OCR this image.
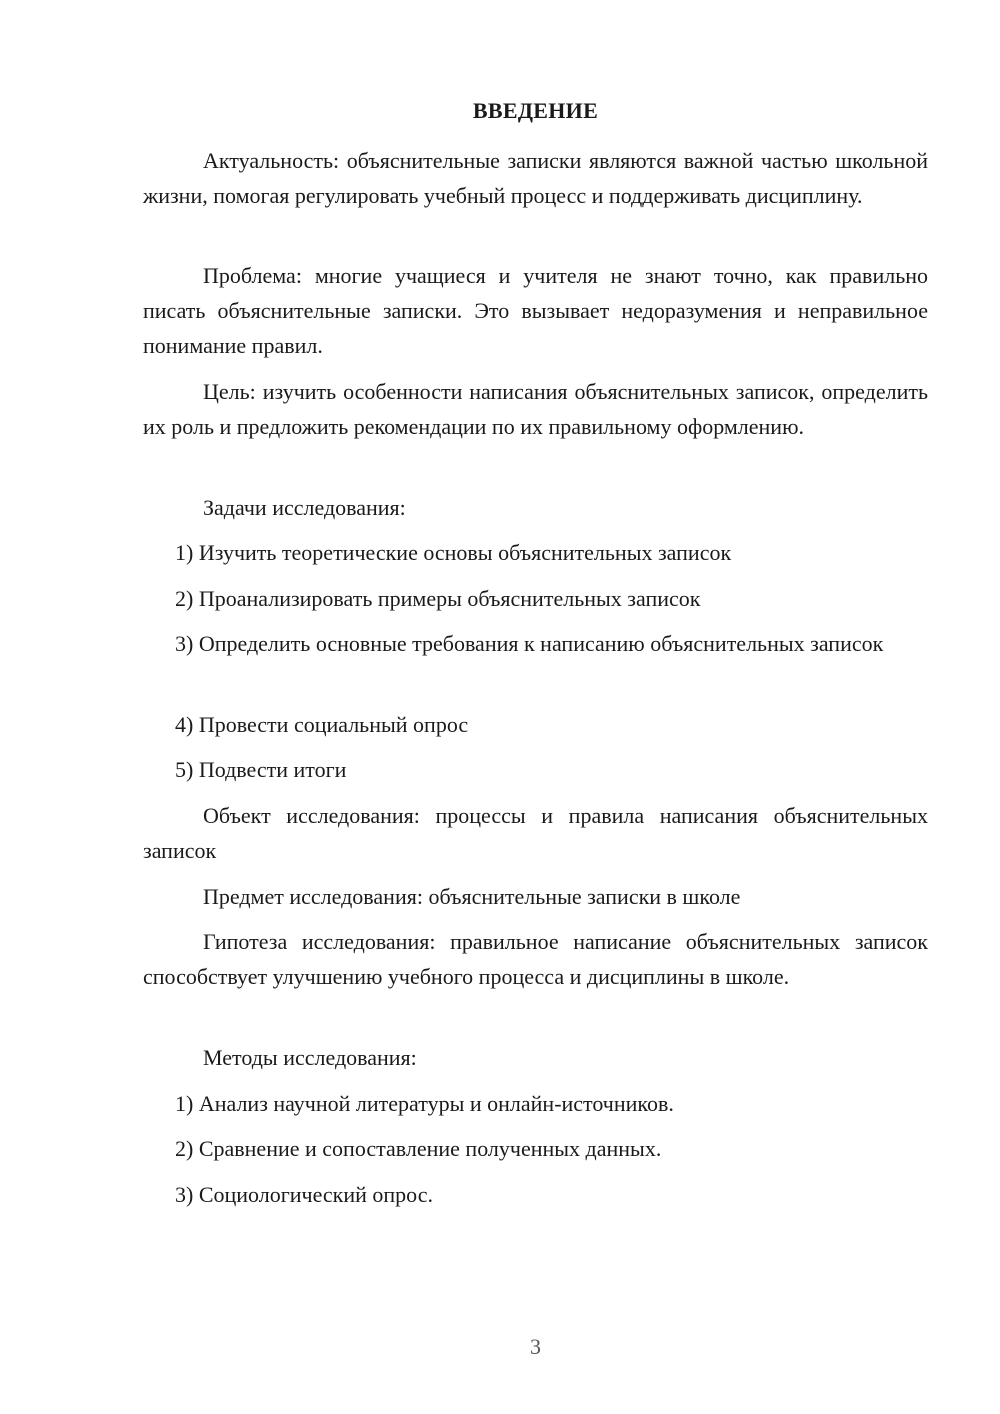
ВВЕДЕНИЕ

Актуальность: объяснительные записки являются важной частью школьной жизни, помогая регулировать учебный процесс и поддерживать дисциплину.

Проблема: многие учащиеся и учителя не знают точно, как правильно писать объяснительные записки. Это вызывает недоразумения и неправильное понимание правил.

Цель: изучить особенности написания объяснительных записок, определить их роль и предложить рекомендации по их правильному оформлению.

Задачи исследования:

1) Изучить теоретические основы объяснительных записок

2) Проанализировать примеры объяснительных записок

3) Определить основные требования к написанию объяснительных записок

4) Провести социальный опрос

5) Подвести итоги

Объект исследования: процессы и правила написания объяснительных записок

Предмет исследования: объяснительные записки в школе

Гипотеза исследования: правильное написание объяснительных записок способствует улучшению учебного процесса и дисциплины в школе.

Методы исследования:

1) Анализ научной литературы и онлайн-источников.

2) Сравнение и сопоставление полученных данных.

3) Социологический опрос.

3
